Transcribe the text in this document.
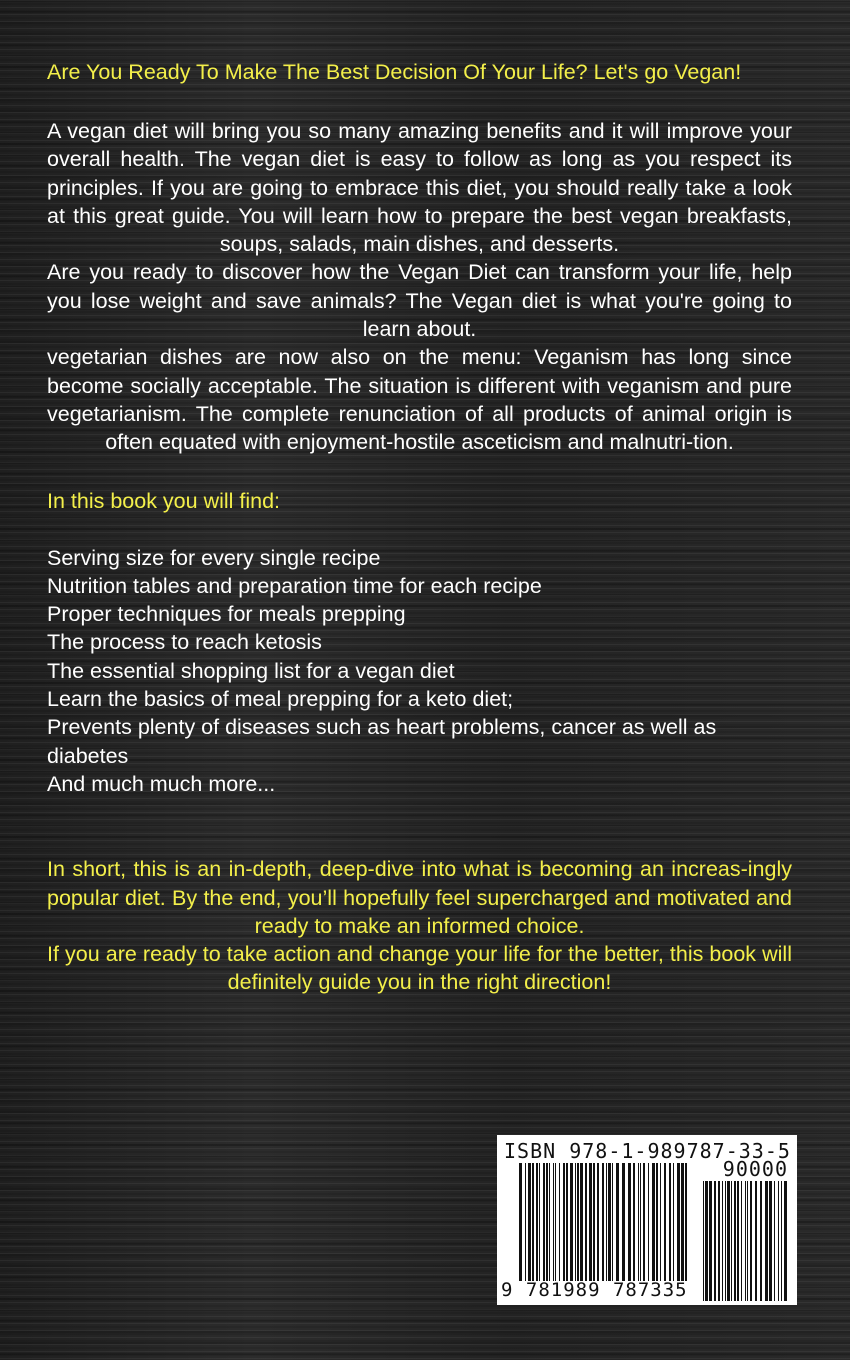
Are You Ready To Make The Best Decision Of Your Life? Let's go Vegan!

A vegan diet will bring you so many amazing benefits and it will improve your overall health. The vegan diet is easy to follow as long as you respect its principles. If you are going to embrace this diet, you should really take a look at this great guide. You will learn how to prepare the best vegan breakfasts, soups, salads, main dishes, and desserts.

Are you ready to discover how the Vegan Diet can transform your life, help you lose weight and save animals? The Vegan diet is what you're going to learn about.

vegetarian dishes are now also on the menu: Veganism has long since become socially acceptable. The situation is different with veganism and pure vegetarianism. The complete renunciation of all products of animal origin is often equated with enjoyment-hostile asceticism and malnutri-tion.

In this book you will find:

Serving size for every single recipe
Nutrition tables and preparation time for each recipe
Proper techniques for meals prepping
The process to reach ketosis
The essential shopping list for a vegan diet
Learn the basics of meal prepping for a keto diet;
Prevents plenty of diseases such as heart problems, cancer as well as diabetes
And much much more...

In short, this is an in-depth, deep-dive into what is becoming an increas-ingly popular diet. By the end, you’ll hopefully feel supercharged and motivated and ready to make an informed choice.

If you are ready to take action and change your life for the better, this book will definitely guide you in the right direction!

ISBN 978-1-989787-33-5
90000
9 781989 787335
